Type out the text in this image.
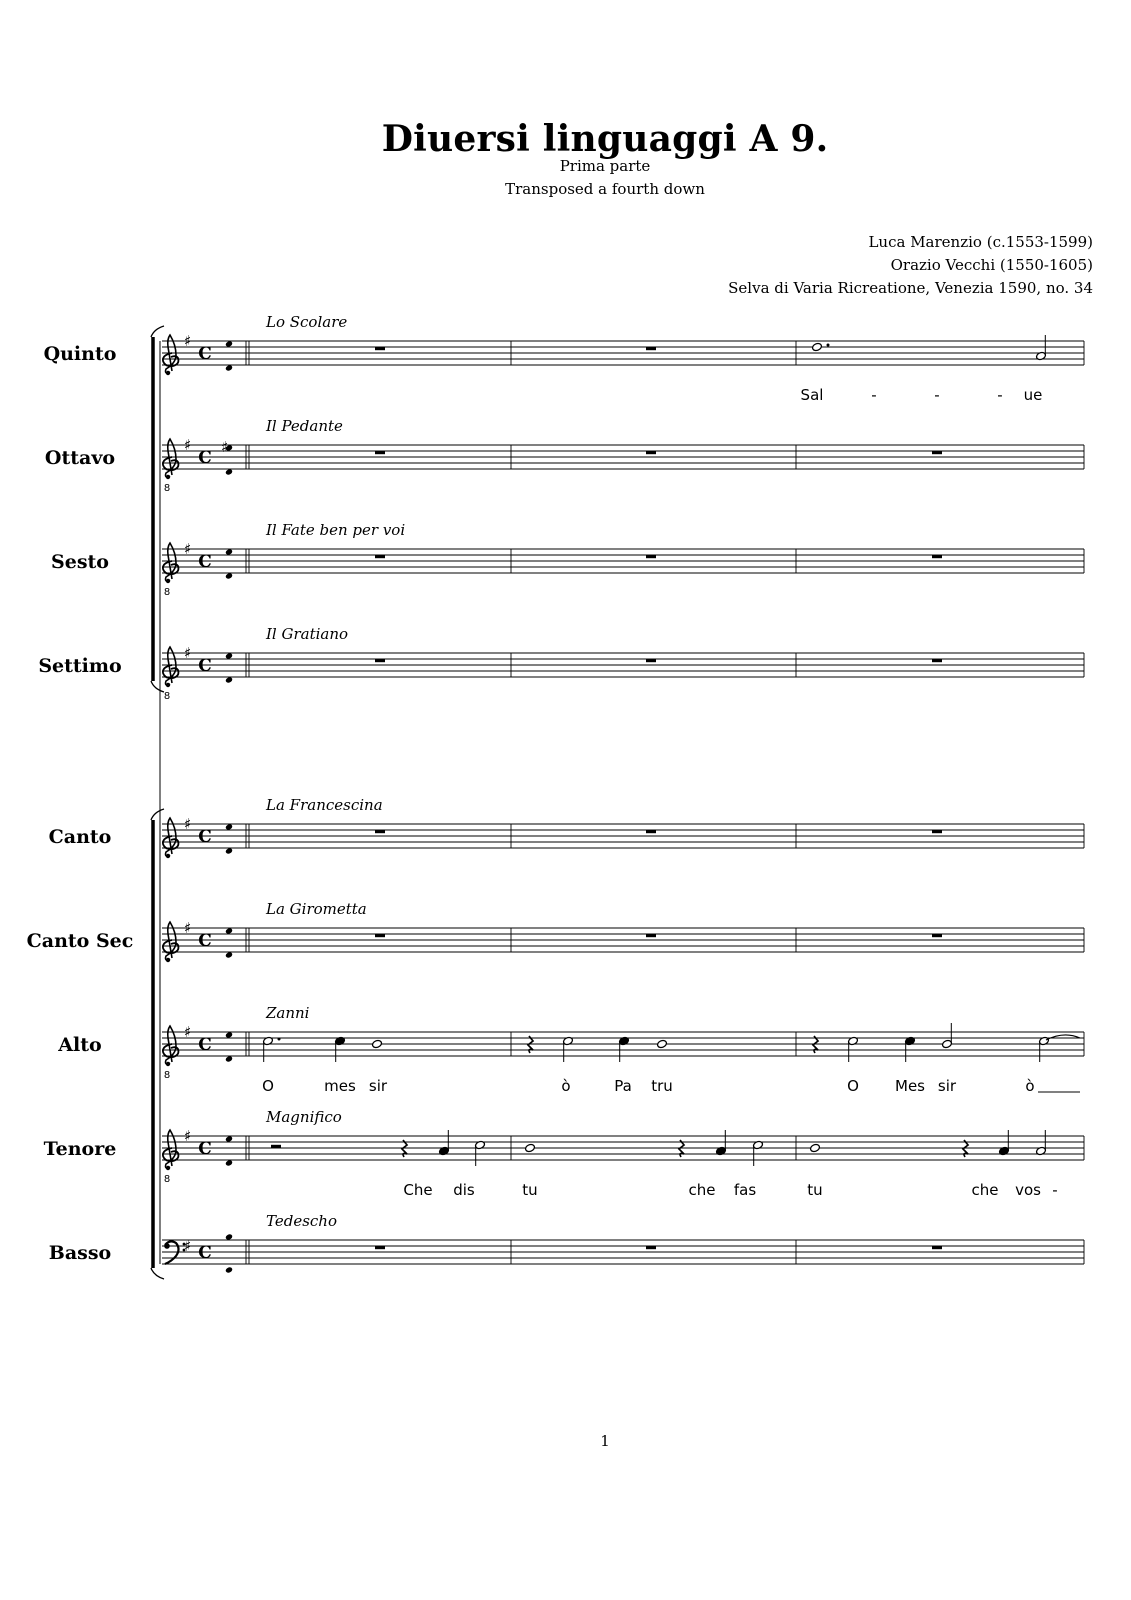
Diuersi linguaggi A 9.
Prima parte
Transposed a fourth down
Luca Marenzio (c.1553-1599)
Orazio Vecchi (1550-1605)
Selva di Varia Ricreatione, Venezia 1590, no. 34
1
Quinto
Lo Scolare
♯
C
Sal	-	-	- ue
Ottavo
Il Pedante
8
♯
C
♯
Sesto
Il Fate ben per voi
8
♯
C
Settimo
Il Gratiano
8
♯
C
Canto
La Francescina
♯
C
Canto Sec
La Girometta
♯
C
Alto
Zanni
8
♯
C
O	mes sir	ò	Pa tru	O Mes sir	ò
Tenore
Magnifico
8
♯
C
Che dis	tu	che fas	tu	che vos -
Basso
Tedescho
♯ C
